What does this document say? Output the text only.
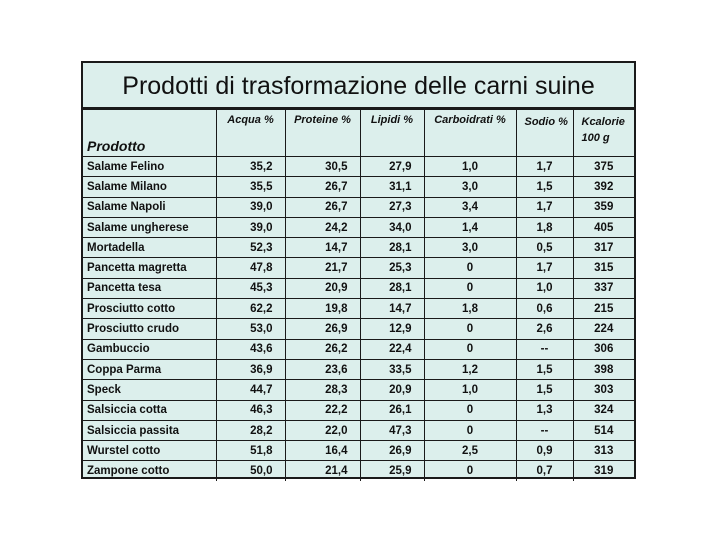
Prodotti di trasformazione delle carni suine
Prodotto	Acqua %	Proteine %	Lipidi %	Carboidrati %	Sodio %	Kcalorie 100 g
Salame Felino	35,2	30,5	27,9	1,0	1,7	375
Salame Milano	35,5	26,7	31,1	3,0	1,5	392
Salame Napoli	39,0	26,7	27,3	3,4	1,7	359
Salame ungherese	39,0	24,2	34,0	1,4	1,8	405
Mortadella	52,3	14,7	28,1	3,0	0,5	317
Pancetta magretta	47,8	21,7	25,3	0	1,7	315
Pancetta tesa	45,3	20,9	28,1	0	1,0	337
Prosciutto cotto	62,2	19,8	14,7	1,8	0,6	215
Prosciutto crudo	53,0	26,9	12,9	0	2,6	224
Gambuccio	43,6	26,2	22,4	0	--	306
Coppa Parma	36,9	23,6	33,5	1,2	1,5	398
Speck	44,7	28,3	20,9	1,0	1,5	303
Salsiccia cotta	46,3	22,2	26,1	0	1,3	324
Salsiccia passita	28,2	22,0	47,3	0	--	514
Wurstel cotto	51,8	16,4	26,9	2,5	0,9	313
Zampone cotto	50,0	21,4	25,9	0	0,7	319
